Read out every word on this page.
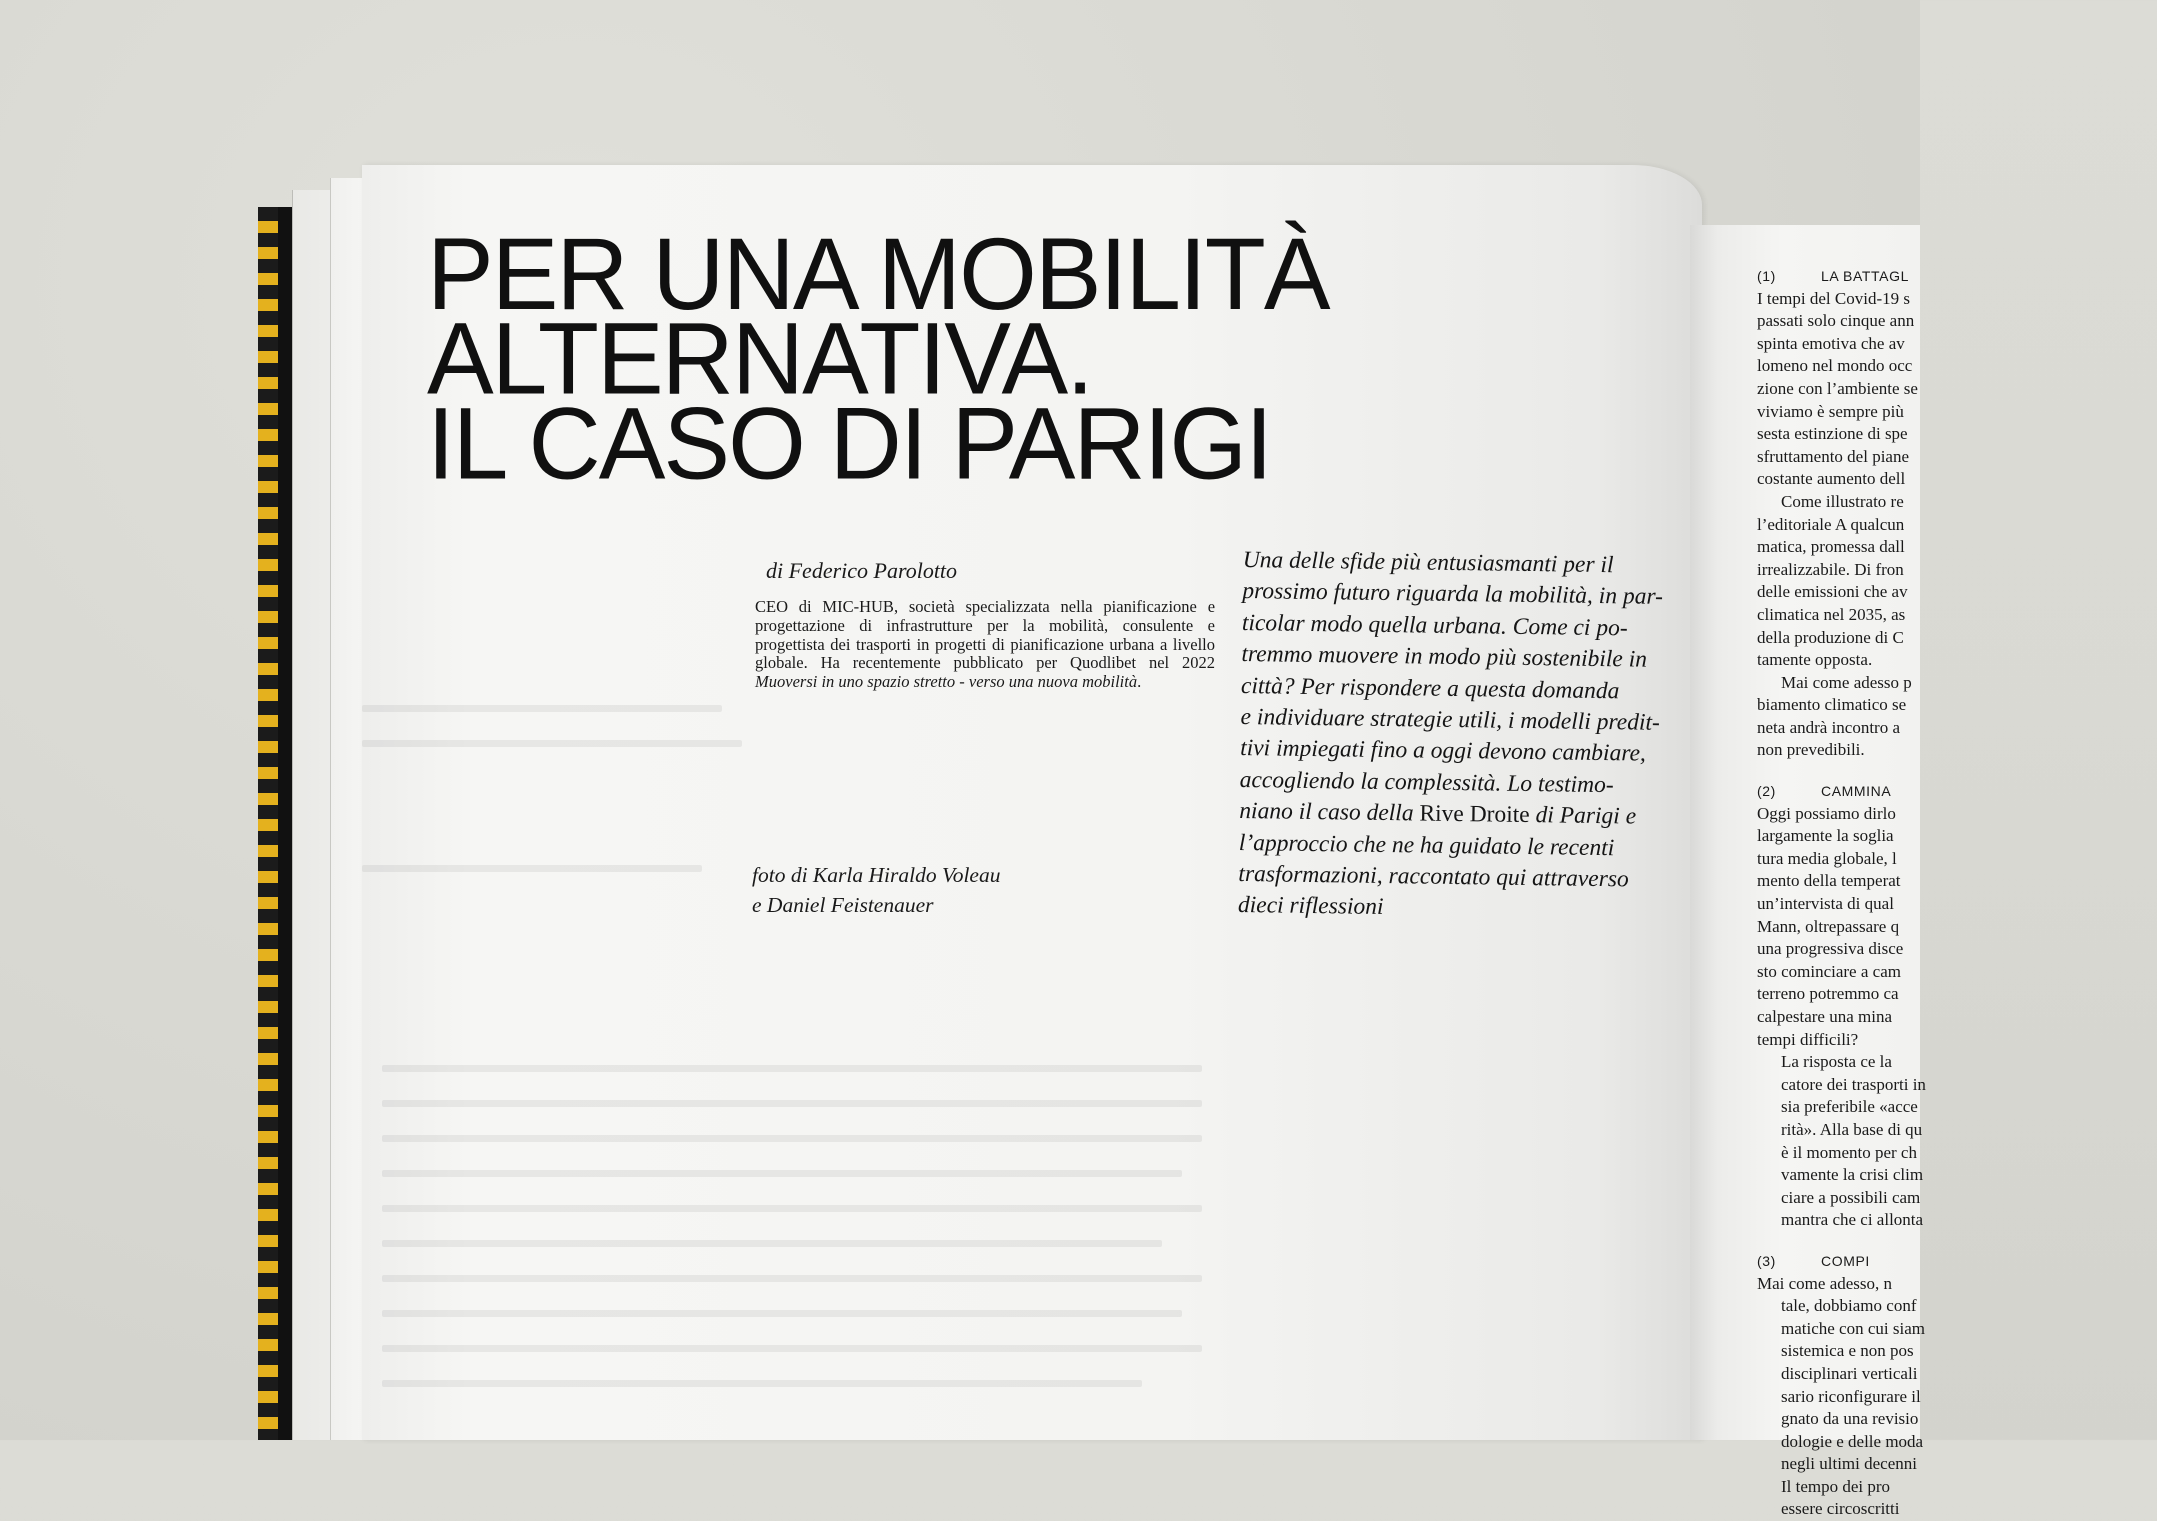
(1)	LA BATTAGL
I tempi del Covid-19 s
passati solo cinque ann
spinta emotiva che av
lomeno nel mondo occ
zione con l’ambiente se
viviamo è sempre più
sesta estinzione di spe
sfruttamento del piane
costante aumento dell
Come illustrato re
l’editoriale A qualcun
matica, promessa dall
irrealizzabile. Di fron
delle emissioni che av
climatica nel 2035, as
della produzione di C
tamente opposta.
Mai come adesso p
biamento climatico se
neta andrà incontro a
non prevedibili.
(2)	CAMMINA
Oggi possiamo dirlo
largamente la soglia
tura media globale, l
mento della temperat
un’intervista di qual
Mann, oltrepassare q
una progressiva disce
sto cominciare a cam
terreno potremmo ca
calpestare una mina
tempi difficili?
La risposta ce la
catore dei trasporti in
sia preferibile «acce
rità». Alla base di qu
è il momento per ch
vamente la crisi clim
ciare a possibili cam
mantra che ci allonta
(3)	COMPI
Mai come adesso, n
tale, dobbiamo conf
matiche con cui siam
sistemica e non pos
disciplinari verticali
sario riconfigurare il
gnato da una revisio
dologie e delle moda
negli ultimi decenni
Il tempo dei pro
essere circoscritti
PER UNA MOBILITÀ
ALTERNATIVA.
IL CASO DI PARIGI
di Federico Parolotto
CEO di MIC-HUB, società specializzata nella pianificazione e progettazione di infrastrutture per la mobilità, consulente e progettista dei trasporti in progetti di pianificazione urbana a livello globale. Ha recentemente pubblicato per Quodlibet nel 2022 Muoversi in uno spazio stretto - verso una nuova mobilità.
foto di Karla Hiraldo Voleau
e Daniel Feistenauer
Una delle sfide più entusiasmanti per il
prossimo futuro riguarda la mobilità, in par-
ticolar modo quella urbana. Come ci po-
tremmo muovere in modo più sostenibile in
città? Per rispondere a questa domanda
e individuare strategie utili, i modelli predit-
tivi impiegati fino a oggi devono cambiare,
accogliendo la complessità. Lo testimo-
niano il caso della Rive Droite di Parigi e
l’approccio che ne ha guidato le recenti
trasformazioni, raccontato qui attraverso
dieci riflessioni
